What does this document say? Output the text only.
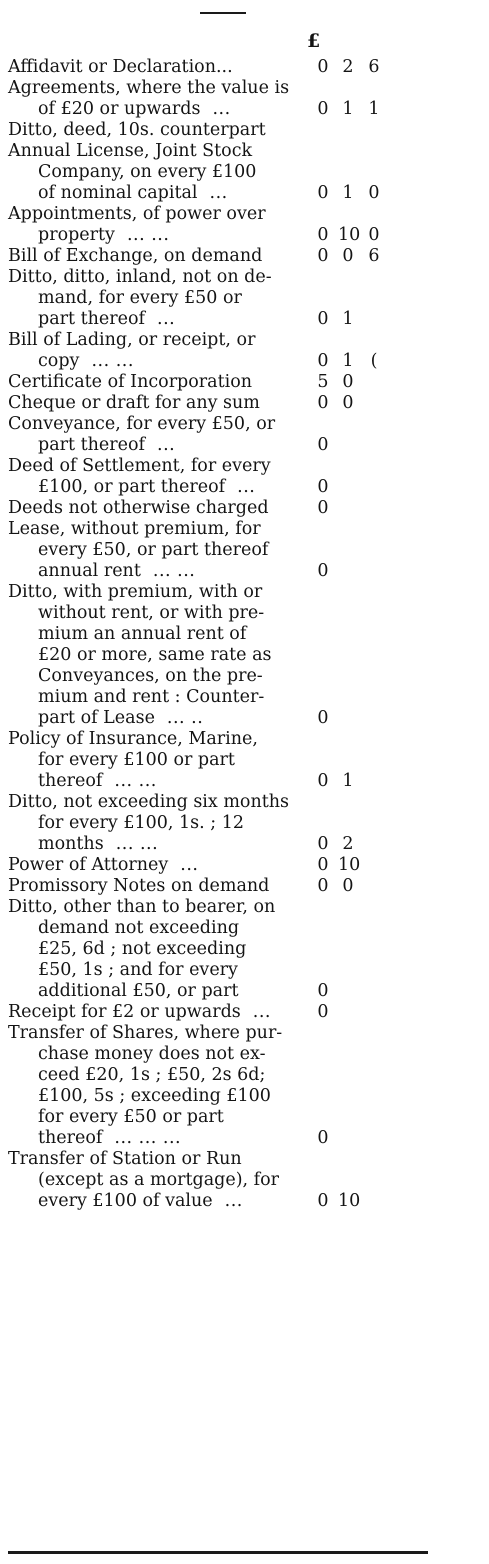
£
Affidavit or Declaration...	0 2 6
Agreements, where the value is
of £20 or upwards ...	0 1 1
Ditto, deed, 10s. counterpart
Annual License, Joint Stock
Company, on every £100
of nominal capital ...	0 1 0
Appointments, of power over
property ... ...	0 10 0
Bill of Exchange, on demand	0 0 6
Ditto, ditto, inland, not on de-
mand, for every £50 or
part thereof ...	0 1
Bill of Lading, or receipt, or
copy ... ...	0 1 (
Certificate of Incorporation	5 0
Cheque or draft for any sum	0 0
Conveyance, for every £50, or
part thereof ...	0
Deed of Settlement, for every
£100, or part thereof ...	0
Deeds not otherwise charged	0
Lease, without premium, for
every £50, or part thereof
annual rent ... ...	0
Ditto, with premium, with or
without rent, or with pre-
mium an annual rent of
£20 or more, same rate as
Conveyances, on the pre-
mium and rent : Counter-
part of Lease ... ..	0
Policy of Insurance, Marine,
for every £100 or part
thereof ... ...	0 1
Ditto, not exceeding six months
for every £100, 1s. ; 12
months ... ...	0 2
Power of Attorney ...	0 10
Promissory Notes on demand	0 0
Ditto, other than to bearer, on
demand not exceeding
£25, 6d ; not exceeding
£50, 1s ; and for every
additional £50, or part	0
Receipt for £2 or upwards ...	0
Transfer of Shares, where pur-
chase money does not ex-
ceed £20, 1s ; £50, 2s 6d;
£100, 5s ; exceeding £100
for every £50 or part
thereof ... ... ...	0
Transfer of Station or Run
(except as a mortgage), for
every £100 of value ...	0 10
